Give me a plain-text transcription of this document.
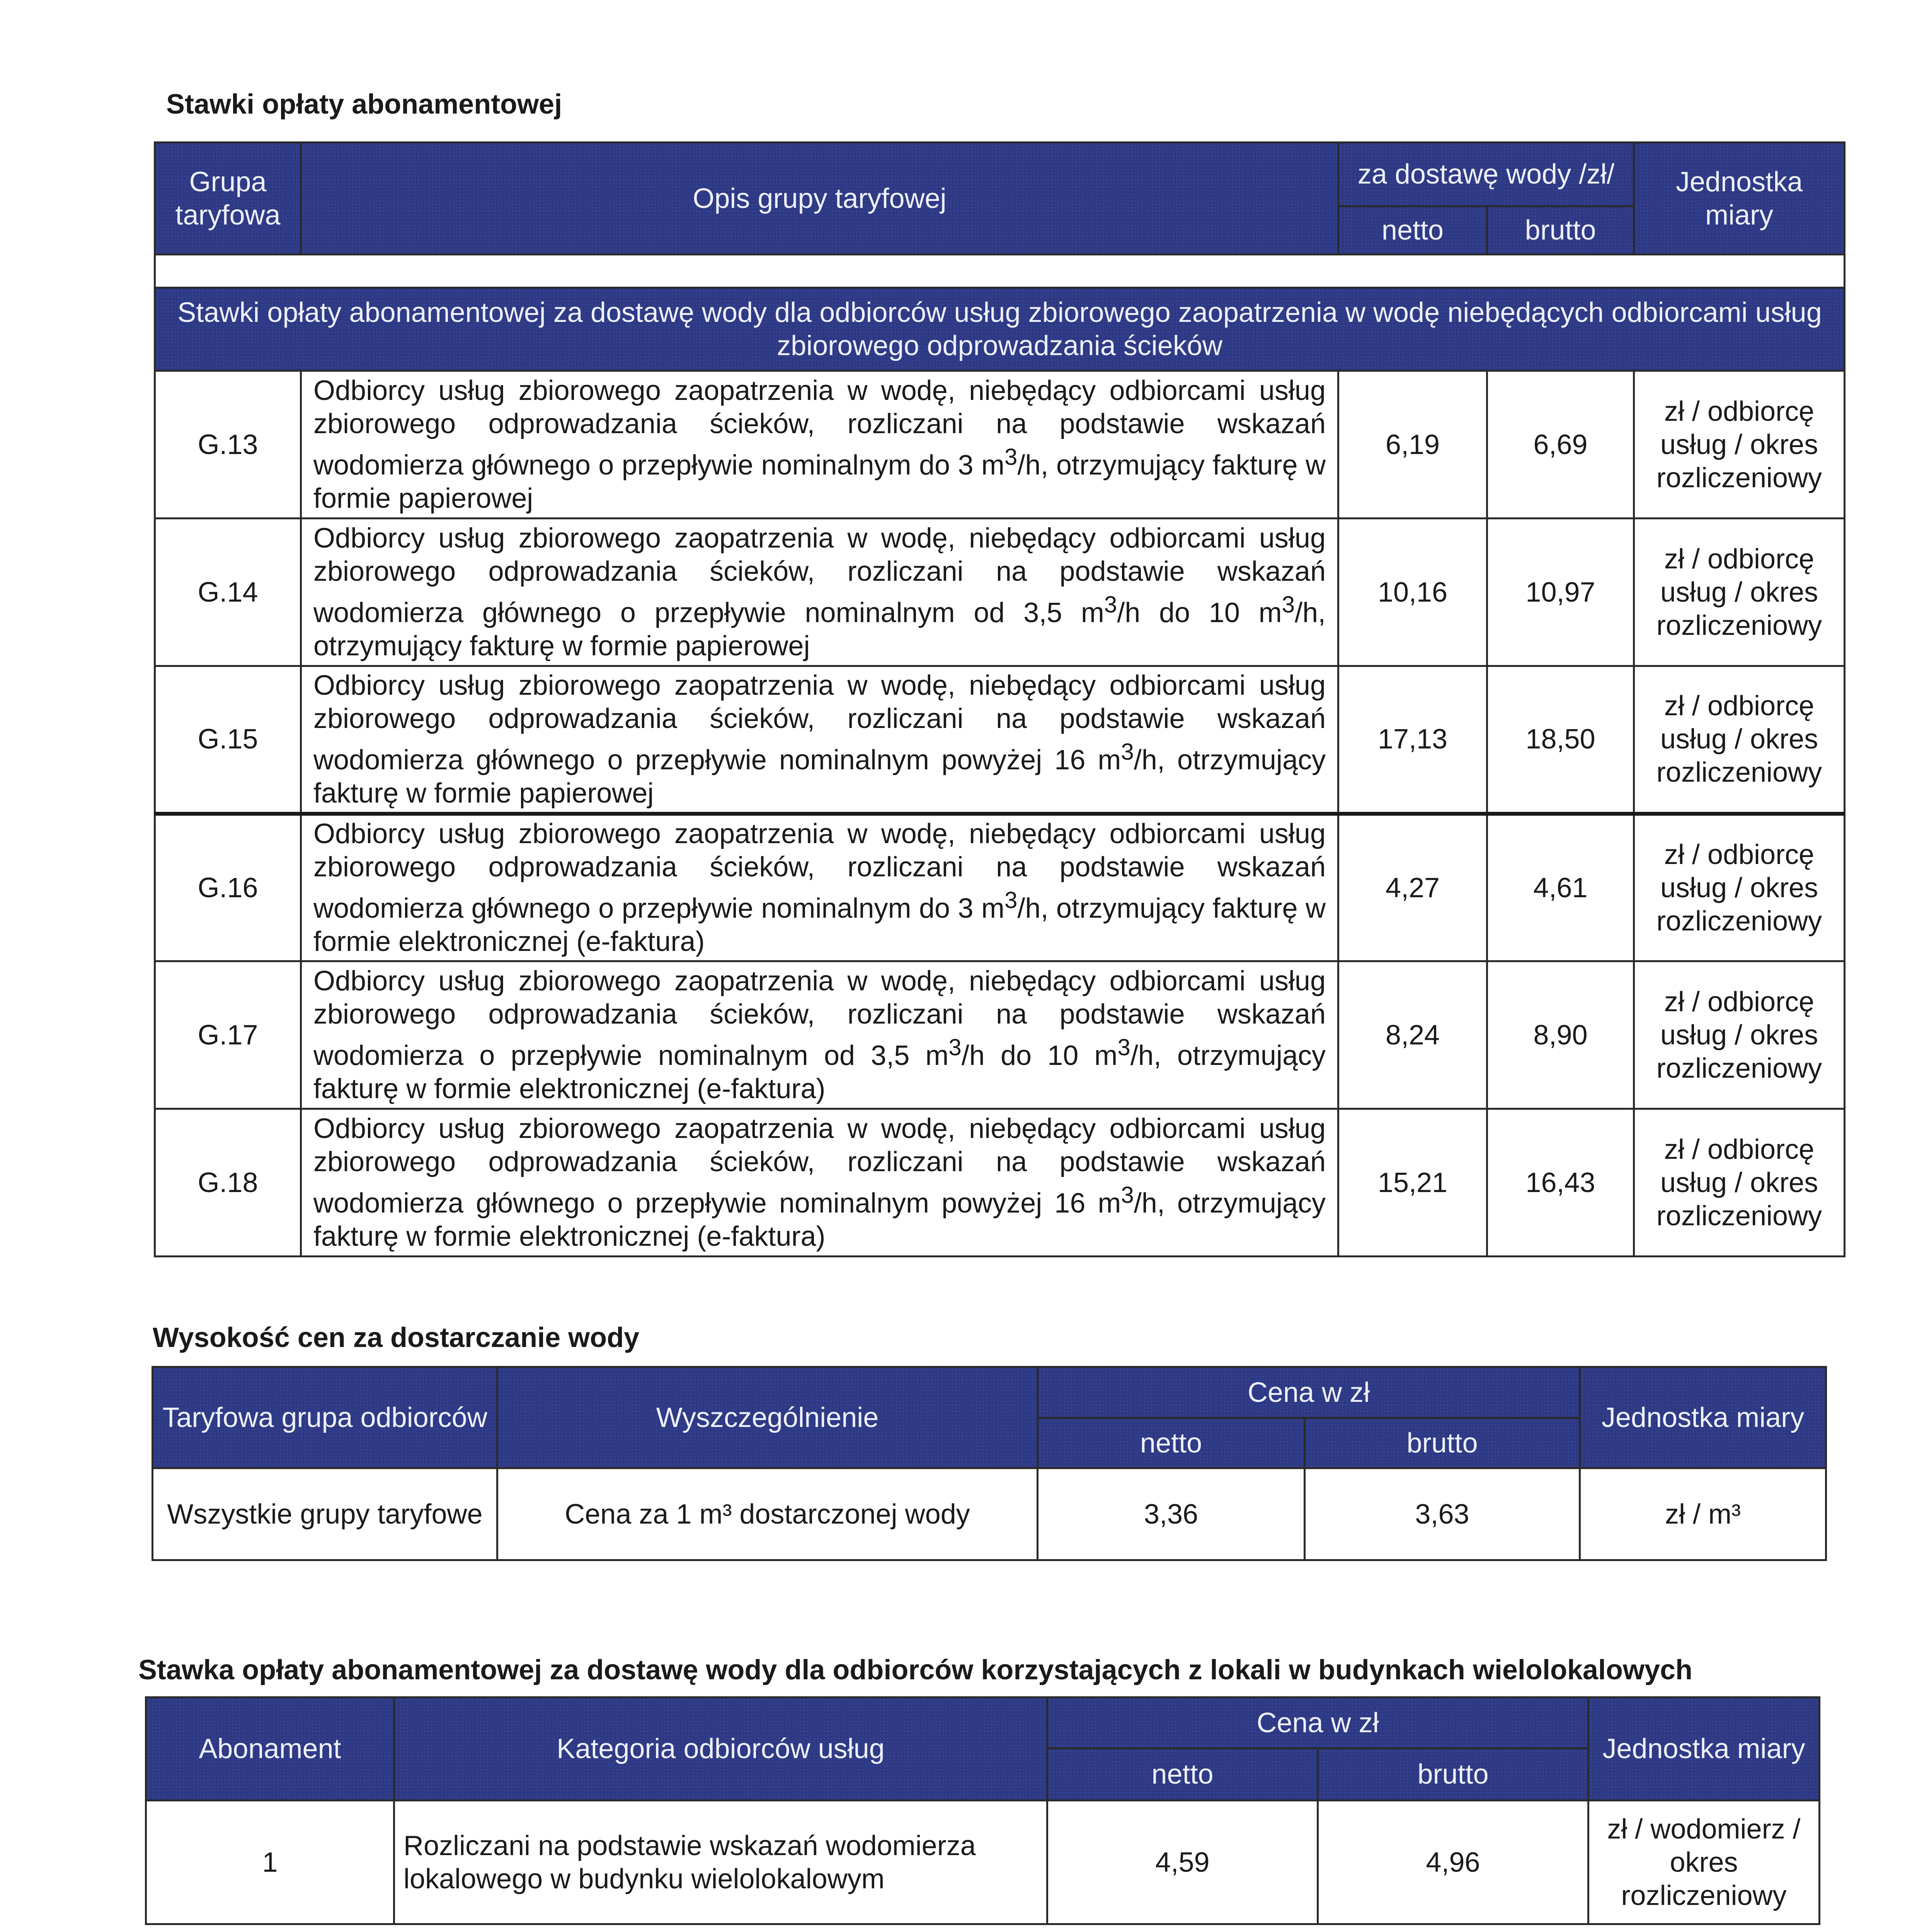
Stawki opłaty abonamentowej
Grupa taryfowa	Opis grupy taryfowej	za dostawę wody /zł/		Jednostka miary
		netto	brutto	

Stawki opłaty abonamentowej za dostawę wody dla odbiorców usług zbiorowego zaopatrzenia w wodę niebędących odbiorcami usług zbiorowego odprowadzania ścieków				
G.13	Odbiorcy usług zbiorowego zaopatrzenia w wodę, niebędący odbiorcami usług zbiorowego odprowadzania ścieków, rozliczani na podstawie wskazań wodomierza głównego o przepływie nominalnym do 3 $m^3/h$, otrzymujący fakturę w formie papierowej	6,19	6,69	zł / odbiorcę usług / okres rozliczeniowy
G.14	Odbiorcy usług zbiorowego zaopatrzenia w wodę, niebędący odbiorcami usług zbiorowego odprowadzania ścieków, rozliczani na podstawie wskazań wodomierza głównego o przepływie nominalnym od 3,5 $m^3/h$ do 10 $m^3/h$, otrzymujący fakturę w formie papierowej	10,16	10,97	zł / odbiorcę usług / okres rozliczeniowy
G.15	Odbiorcy usług zbiorowego zaopatrzenia w wodę, niebędący odbiorcami usług zbiorowego odprowadzania ścieków, rozliczani na podstawie wskazań wodomierza głównego o przepływie nominalnym powyżej 16 $m^3/h$, otrzymujący fakturę w formie papierowej	17,13	18,50	zł / odbiorcę usług / okres rozliczeniowy
G.16	Odbiorcy usług zbiorowego zaopatrzenia w wodę, niebędący odbiorcami usług zbiorowego odprowadzania ścieków, rozliczani na podstawie wskazań wodomierza głównego o przepływie nominalnym do 3 $m^3/h$, otrzymujący fakturę w formie elektronicznej (e-faktura)	4,27	4,61	zł / odbiorcę usług / okres rozliczeniowy
G.17	Odbiorcy usług zbiorowego zaopatrzenia w wodę, niebędący odbiorcami usług zbiorowego odprowadzania ścieków, rozliczani na podstawie wskazań wodomierza o przepływie nominalnym od 3,5 $m^3/h$ do 10 $m^3/h$, otrzymujący fakturę w formie elektronicznej (e-faktura)	8,24	8,90	zł / odbiorcę usług / okres rozliczeniowy
G.18	Odbiorcy usług zbiorowego zaopatrzenia w wodę, niebędący odbiorcami usług zbiorowego odprowadzania ścieków, rozliczani na podstawie wskazań wodomierza głównego o przepływie nominalnym powyżej 16 $m^3/h$, otrzymujący fakturę w formie elektronicznej (e-faktura)	15,21	16,43	zł / odbiorcę usług / okres rozliczeniowy
Wysokość cen za dostarczanie wody
Taryfowa grupa odbiorców	Wyszczególnienie	Cena w zł		Jednostka miary
		netto	brutto	
Wszystkie grupy taryfowe	Cena za 1 m³ dostarczonej wody	3,36	3,63	zł / m³
Stawka opłaty abonamentowej za dostawę wody dla odbiorców korzystających z lokali w budynkach wielolokalowych
Abonament	Kategoria odbiorców usług	Cena w zł		Jednostka miary
		netto	brutto	
1	Rozliczani na podstawie wskazań wodomierza lokalowego w budynku wielolokalowym	4,59	4,96	zł / wodomierz / okres rozliczeniowy
